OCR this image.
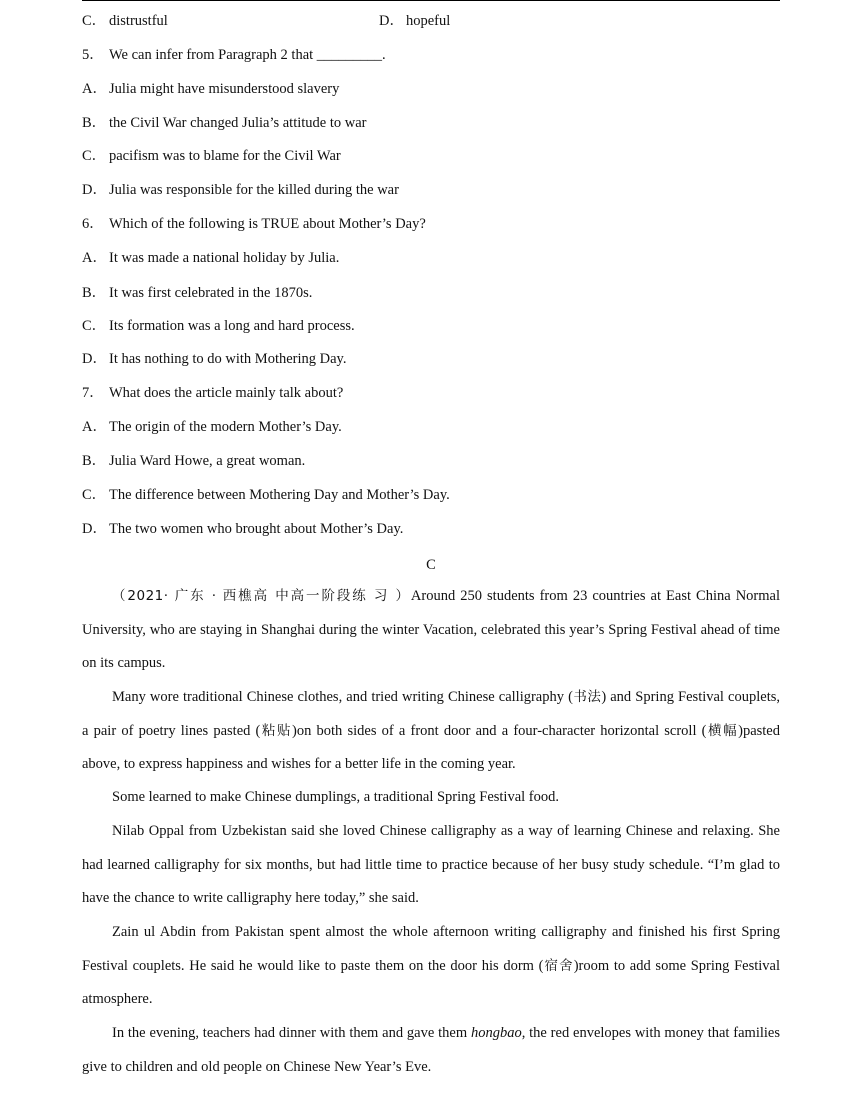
C． distrustful	D． hopeful
5． We can infer from Paragraph 2 that _________.
A． Julia might have misunderstood slavery
B． the Civil War changed Julia’s attitude to war
C． pacifism was to blame for the Civil War
D． Julia was responsible for the killed during the war
6． Which of the following is TRUE about Mother’s Day?
A． It was made a national holiday by Julia.
B． It was first celebrated in the 1870s.
C． Its formation was a long and hard process.
D． It has nothing to do with Mothering Day.
7． What does the article mainly talk about?
A． The origin of the modern Mother’s Day.
B． Julia Ward Howe, a great woman.
C． The difference between Mothering Day and Mother’s Day.
D． The two women who brought about Mother’s Day.
C

（2021· 广东 · 西樵高 中高一阶段练 习 ）Around 250 students from 23 countries at East China Normal University, who are staying in Shanghai during the winter Vacation, celebrated this year’s Spring Festival ahead of time on its campus.

Many wore traditional Chinese clothes, and tried writing Chinese calligraphy (书法) and Spring Festival couplets, a pair of poetry lines pasted (粘贴)on both sides of a front door and a four-character horizontal scroll (横幅)pasted above, to express happiness and wishes for a better life in the coming year.

Some learned to make Chinese dumplings, a traditional Spring Festival food.

Nilab Oppal from Uzbekistan said she loved Chinese calligraphy as a way of learning Chinese and relaxing. She had learned calligraphy for six months, but had little time to practice because of her busy study schedule. “I’m glad to have the chance to write calligraphy here today,” she said.

Zain ul Abdin from Pakistan spent almost the whole afternoon writing calligraphy and finished his first Spring Festival couplets. He said he would like to paste them on the door his dorm (宿舍)room to add some Spring Festival atmosphere.

In the evening, teachers had dinner with them and gave them hongbao, the red envelopes with money that families give to children and old people on Chinese New Year’s Eve.
